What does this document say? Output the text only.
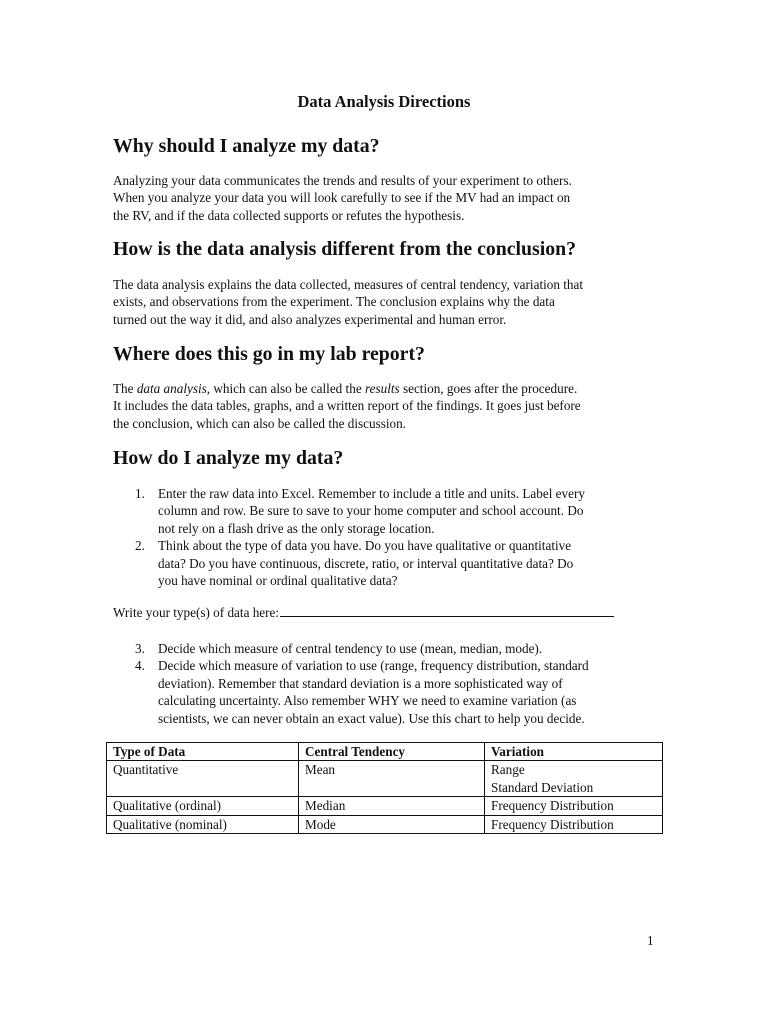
Data Analysis Directions
Why should I analyze my data?

Analyzing your data communicates the trends and results of your experiment to others.
When you analyze your data you will look carefully to see if the MV had an impact on
the RV, and if the data collected supports or refutes the hypothesis.

How is the data analysis different from the conclusion?

The data analysis explains the data collected, measures of central tendency, variation that
exists, and observations from the experiment. The conclusion explains why the data
turned out the way it did, and also analyzes experimental and human error.

Where does this go in my lab report?

The data analysis, which can also be called the results section, goes after the procedure.
It includes the data tables, graphs, and a written report of the findings. It goes just before
the conclusion, which can also be called the discussion.

How do I analyze my data?
1. Enter the raw data into Excel. Remember to include a title and units. Label every
column and row. Be sure to save to your home computer and school account. Do
not rely on a flash drive as the only storage location.
2. Think about the type of data you have. Do you have qualitative or quantitative
data? Do you have continuous, discrete, ratio, or interval quantitative data? Do
you have nominal or ordinal qualitative data?

Write your type(s) of data here:

3. Decide which measure of central tendency to use (mean, median, mode).
4. Decide which measure of variation to use (range, frequency distribution, standard
deviation). Remember that standard deviation is a more sophisticated way of
calculating uncertainty. Also remember WHY we need to examine variation (as
scientists, we can never obtain an exact value). Use this chart to help you decide.
Type of Data	Central Tendency	Variation
Quantitative	Mean	Range
Standard Deviation

Qualitative (ordinal)	Median	Frequency Distribution
Qualitative (nominal)	Mode	Frequency Distribution

1
